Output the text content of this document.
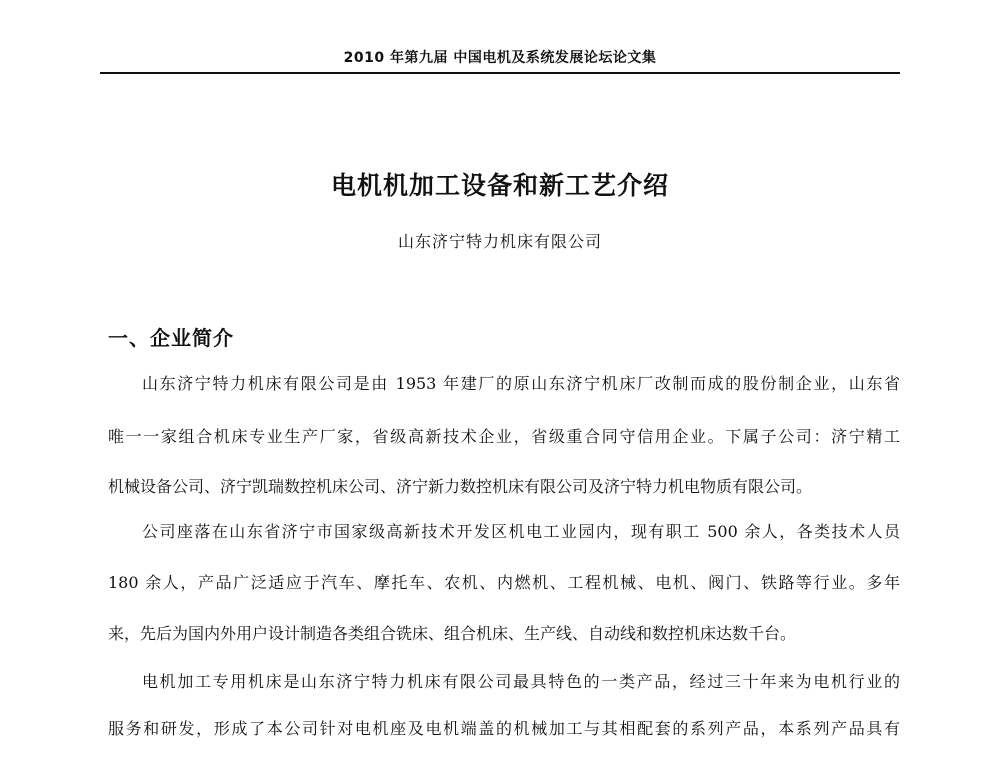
2010 年第九届 中国电机及系统发展论坛论文集
电机机加工设备和新工艺介绍
山东济宁特力机床有限公司
一、企业简介
山东济宁特力机床有限公司是由 1953 年建厂的原山东济宁机床厂改制而成的股份制企业，山东省
唯一一家组合机床专业生产厂家，省级高新技术企业，省级重合同守信用企业。下属子公司：济宁精工
机械设备公司、济宁凯瑞数控机床公司、济宁新力数控机床有限公司及济宁特力机电物质有限公司。
公司座落在山东省济宁市国家级高新技术开发区机电工业园内，现有职工 500 余人，各类技术人员
180 余人，产品广泛适应于汽车、摩托车、农机、内燃机、工程机械、电机、阀门、铁路等行业。多年
来，先后为国内外用户设计制造各类组合铣床、组合机床、生产线、自动线和数控机床达数千台。
电机加工专用机床是山东济宁特力机床有限公司最具特色的一类产品，经过三十年来为电机行业的
服务和研发，形成了本公司针对电机座及电机端盖的机械加工与其相配套的系列产品，本系列产品具有
